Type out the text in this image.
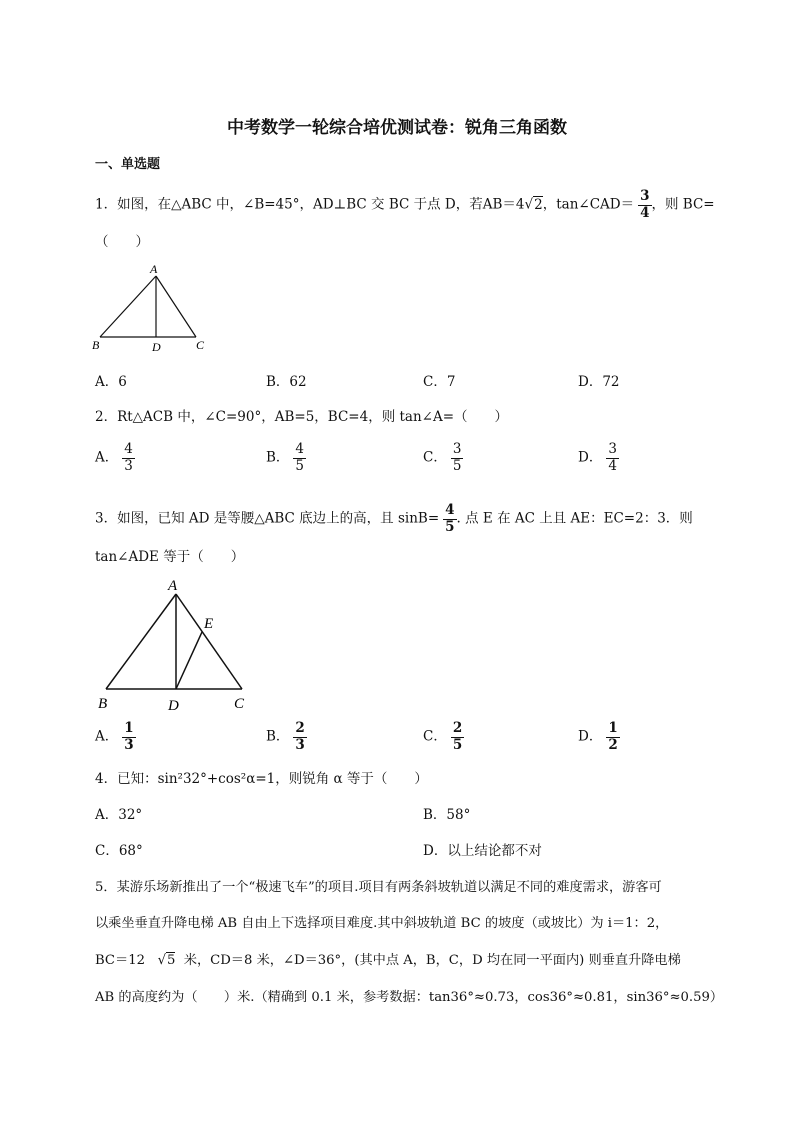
中考数学一轮综合培优测试卷：锐角三角函数
一、单选题
1．如图，在△ABC 中，∠B=45°，AD⊥BC 交 BC 于点 D，若AB＝4√2，tan∠CAD＝ $\frac{3}{4}$ ，则 BC=
（　　）
A
B	D	C
A．6	B．62	C．7	D．72
2．Rt△ACB 中，∠C=90°，AB=5，BC=4，则 tan∠A=（　　）
A． $\frac{4}{3}$	B． $\frac{4}{5}$	C． $\frac{3}{5}$	D． $\frac{3}{4}$
3．如图，已知 AD 是等腰△ABC 底边上的高，且 $\sin B= \frac{4}{5}$ . 点 E 在 AC 上且 AE：EC=2：3．则
tan∠ADE 等于（　　）
A
E
B	D	C
A． $\frac{1}{3}$	B． $\frac{2}{3}$	C． $\frac{2}{5}$	D． $\frac{1}{2}$
4．已知：sin²32°+cos²α=1，则锐角 α 等于（　　）
A．32°	B．58°
C．68°	D．以上结论都不对
5．某游乐场新推出了一个“极速飞车”的项目.项目有两条斜坡轨道以满足不同的难度需求，游客可
以乘坐垂直升降电梯 AB 自由上下选择项目难度.其中斜坡轨道 BC 的坡度（或坡比）为 i＝1：2，
BC＝12 √5 米，CD＝8 米，∠D＝36°，(其中点 A，B，C，D 均在同一平面内) 则垂直升降电梯
AB 的高度约为（　　）米.（精确到 0.1 米，参考数据：tan36°≈0.73，cos36°≈0.81，sin36°≈0.59）
